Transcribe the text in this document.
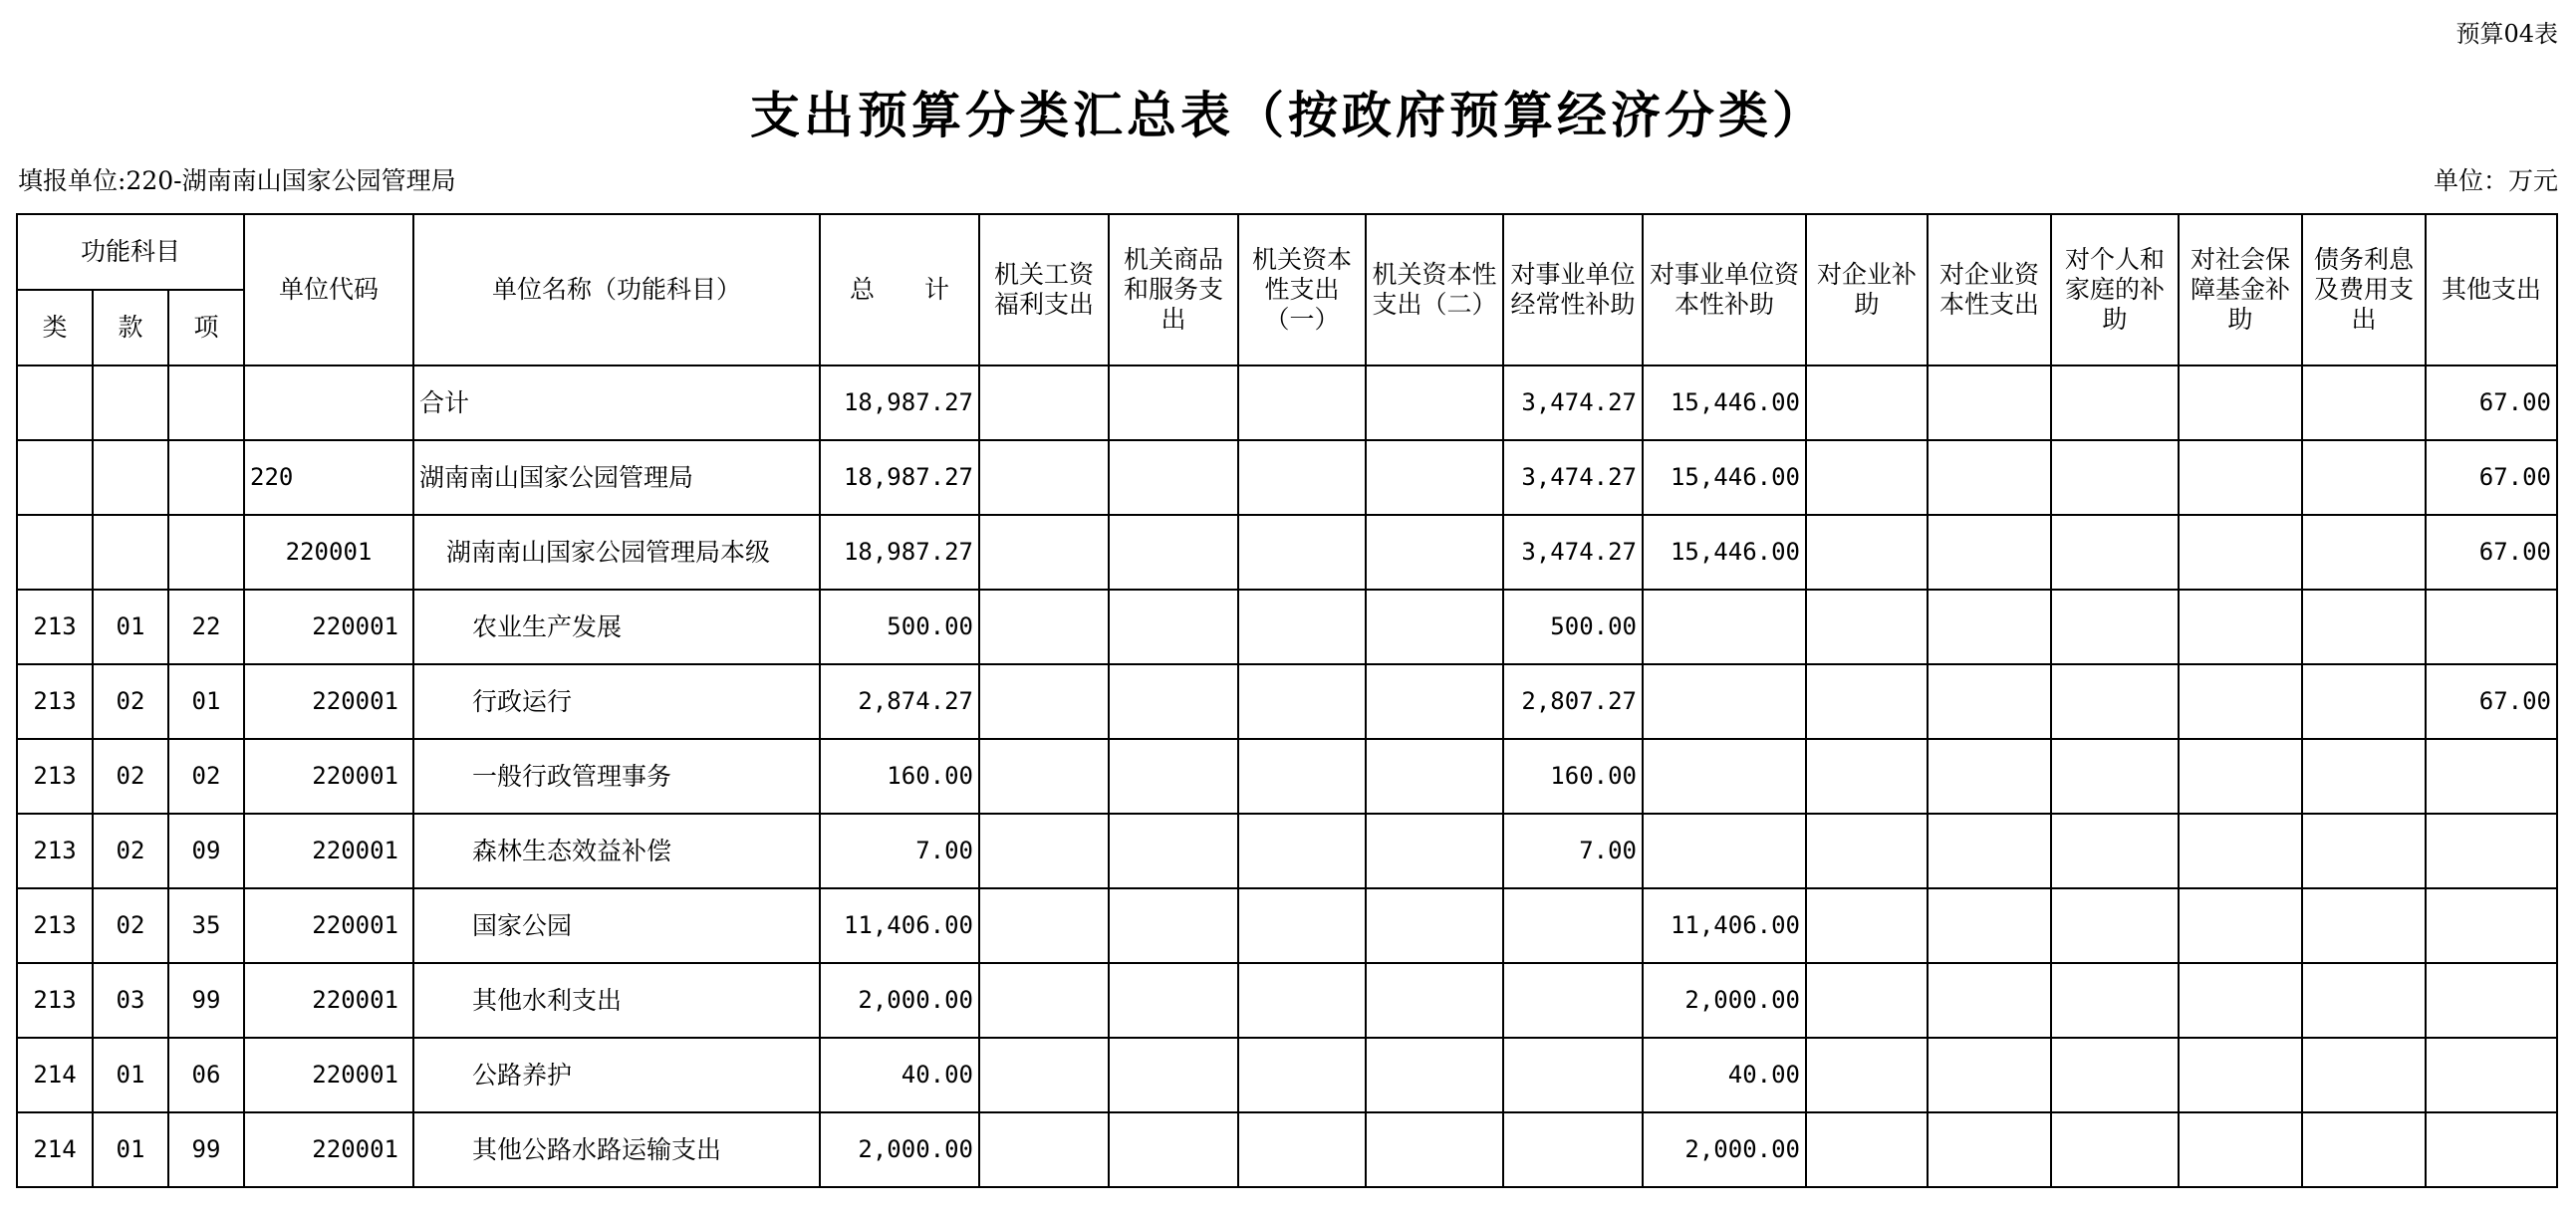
预算04表
支出预算分类汇总表（按政府预算经济分类）
填报单位:220-湖南南山国家公园管理局	单位：万元
功能科目			单位代码	单位名称（功能科目）	总　　计	机关工资福利支出	机关商品和服务支出	机关资本性支出（一）	机关资本性支出（二）	对事业单位经常性补助	对事业单位资本性补助	对企业补助	对企业资本性支出	对个人和家庭的补助	对社会保障基金补助	债务利息及费用支出	其他支出
类	款	项															
				合计	18,987.27					3,474.27	15,446.00						67.00
			220	湖南南山国家公园管理局	18,987.27					3,474.27	15,446.00						67.00
			220001	湖南南山国家公园管理局本级	18,987.27					3,474.27	15,446.00						67.00
213	01	22	220001	农业生产发展	500.00					500.00							
213	02	01	220001	行政运行	2,874.27					2,807.27							67.00
213	02	02	220001	一般行政管理事务	160.00					160.00							
213	02	09	220001	森林生态效益补偿	7.00					7.00							
213	02	35	220001	国家公园	11,406.00						11,406.00						
213	03	99	220001	其他水利支出	2,000.00						2,000.00						
214	01	06	220001	公路养护	40.00						40.00						
214	01	99	220001	其他公路水路运输支出	2,000.00						2,000.00						
